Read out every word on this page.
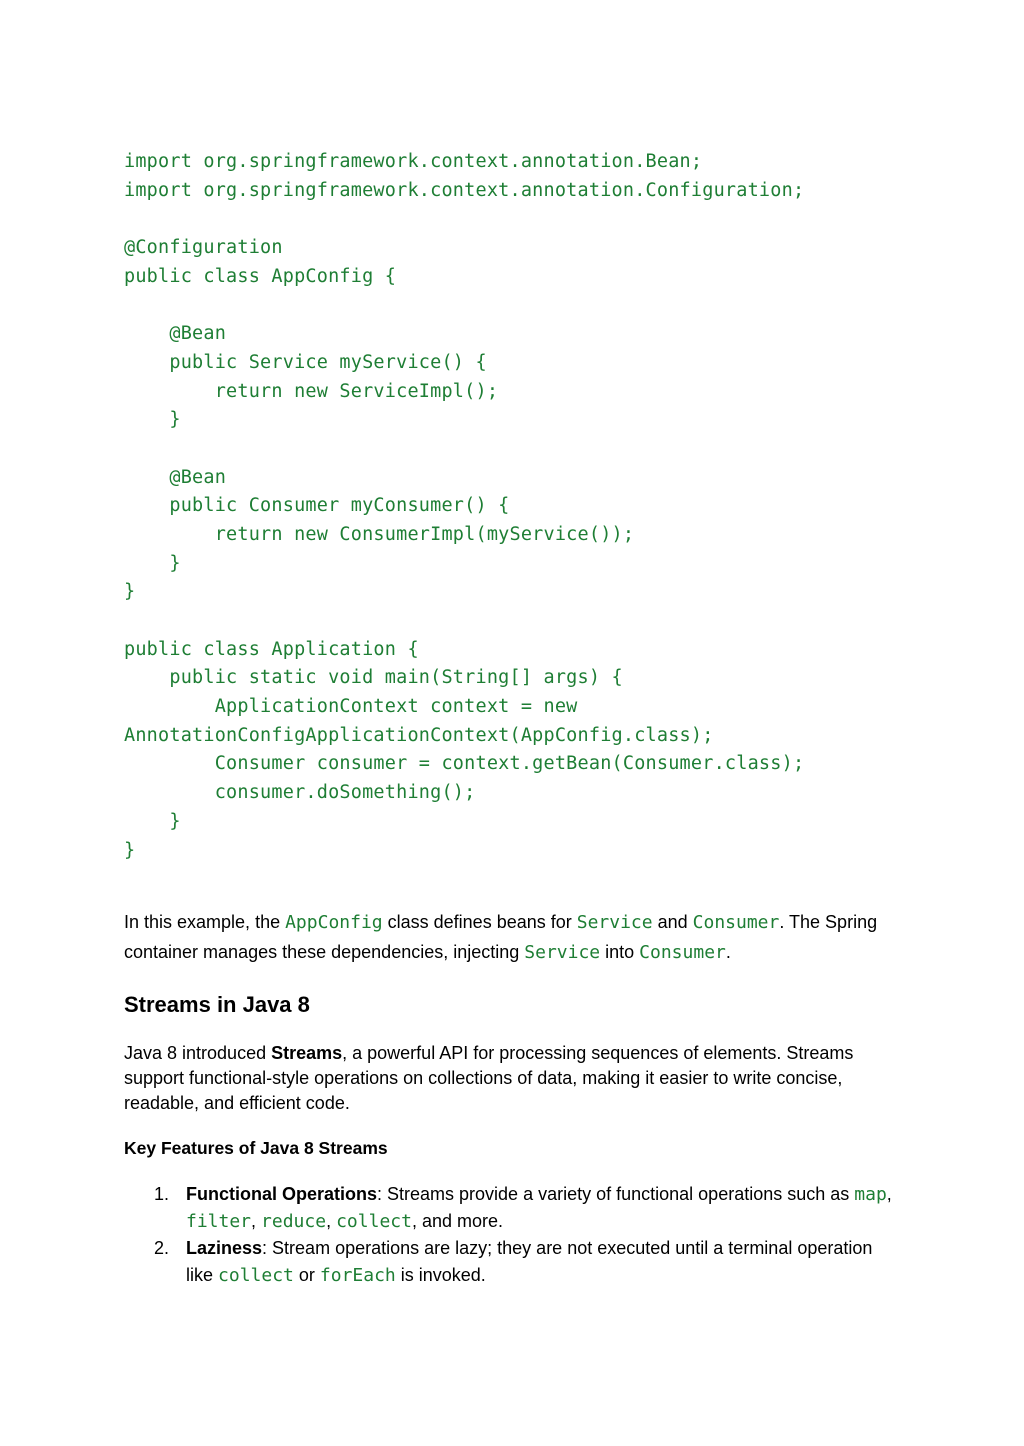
import org.springframework.context.annotation.Bean;
import org.springframework.context.annotation.Configuration;
@Configuration
public class AppConfig {
@Bean
public Service myService() {
return new ServiceImpl();
}
@Bean
public Consumer myConsumer() {
return new ConsumerImpl(myService());
}
}
public class Application {
public static void main(String[] args) {
ApplicationContext context = new
AnnotationConfigApplicationContext(AppConfig.class);
Consumer consumer = context.getBean(Consumer.class);
consumer.doSomething();
}
}

In this example, the AppConfig class defines beans for Service and Consumer. The Spring container manages these dependencies, injecting Service into Consumer.

Streams in Java 8

Java 8 introduced Streams, a powerful API for processing sequences of elements. Streams support functional-style operations on collections of data, making it easier to write concise, readable, and efficient code.

Key Features of Java 8 Streams
1. Functional Operations: Streams provide a variety of functional operations such as map, filter, reduce, collect, and more.
2. Laziness: Stream operations are lazy; they are not executed until a terminal operation like collect or forEach is invoked.
